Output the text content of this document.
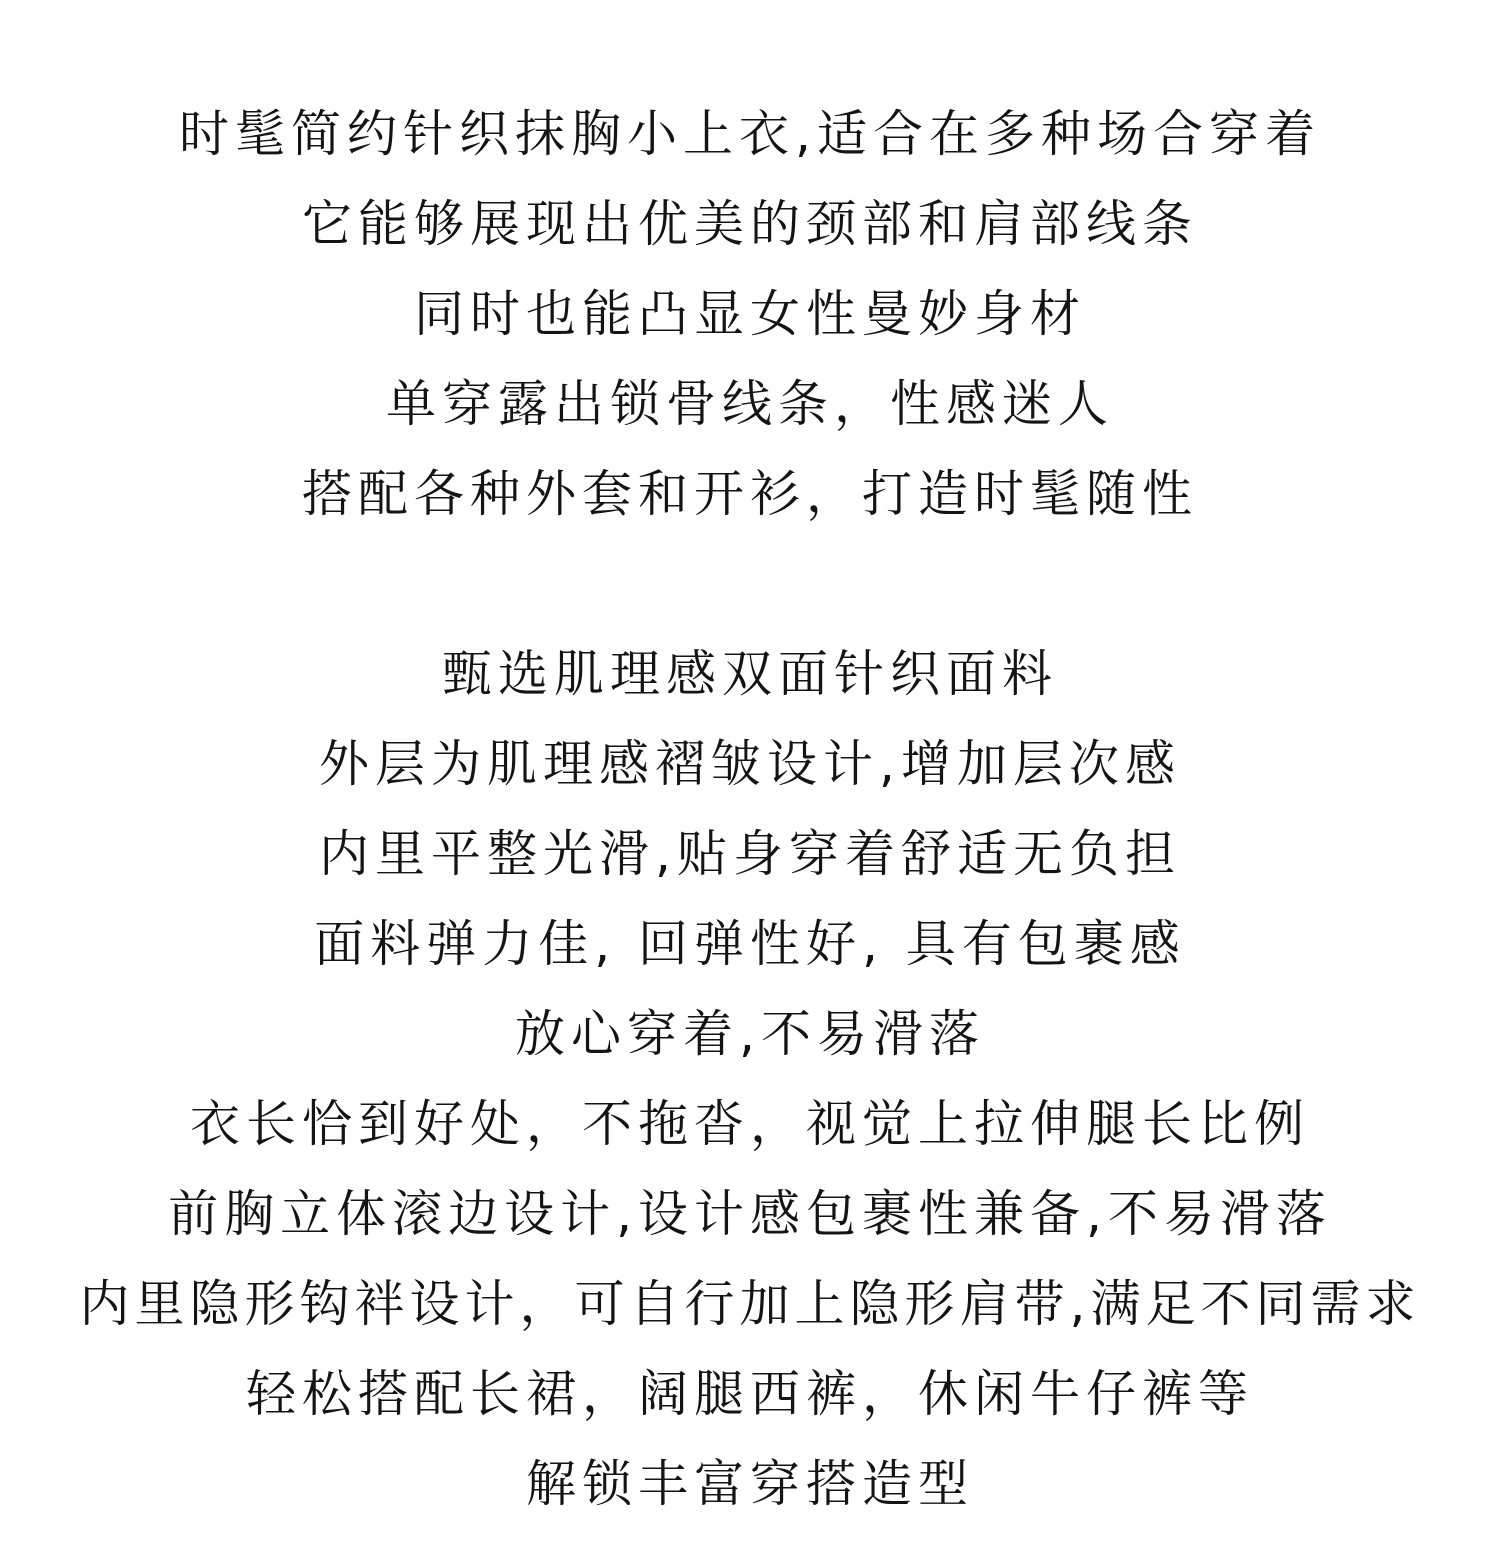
时髦简约针织抹胸小上衣,适合在多种场合穿着
它能够展现出优美的颈部和肩部线条
同时也能凸显女性曼妙身材
单穿露出锁骨线条，性感迷人
搭配各种外套和开衫，打造时髦随性
甄选肌理感双面针织面料
外层为肌理感褶皱设计,增加层次感
内里平整光滑,贴身穿着舒适无负担
面料弹力佳, 回弹性好, 具有包裹感
放心穿着,不易滑落
衣长恰到好处，不拖沓，视觉上拉伸腿长比例
前胸立体滚边设计,设计感包裹性兼备,不易滑落
内里隐形钩袢设计，可自行加上隐形肩带,满足不同需求
轻松搭配长裙，阔腿西裤，休闲牛仔裤等
解锁丰富穿搭造型
